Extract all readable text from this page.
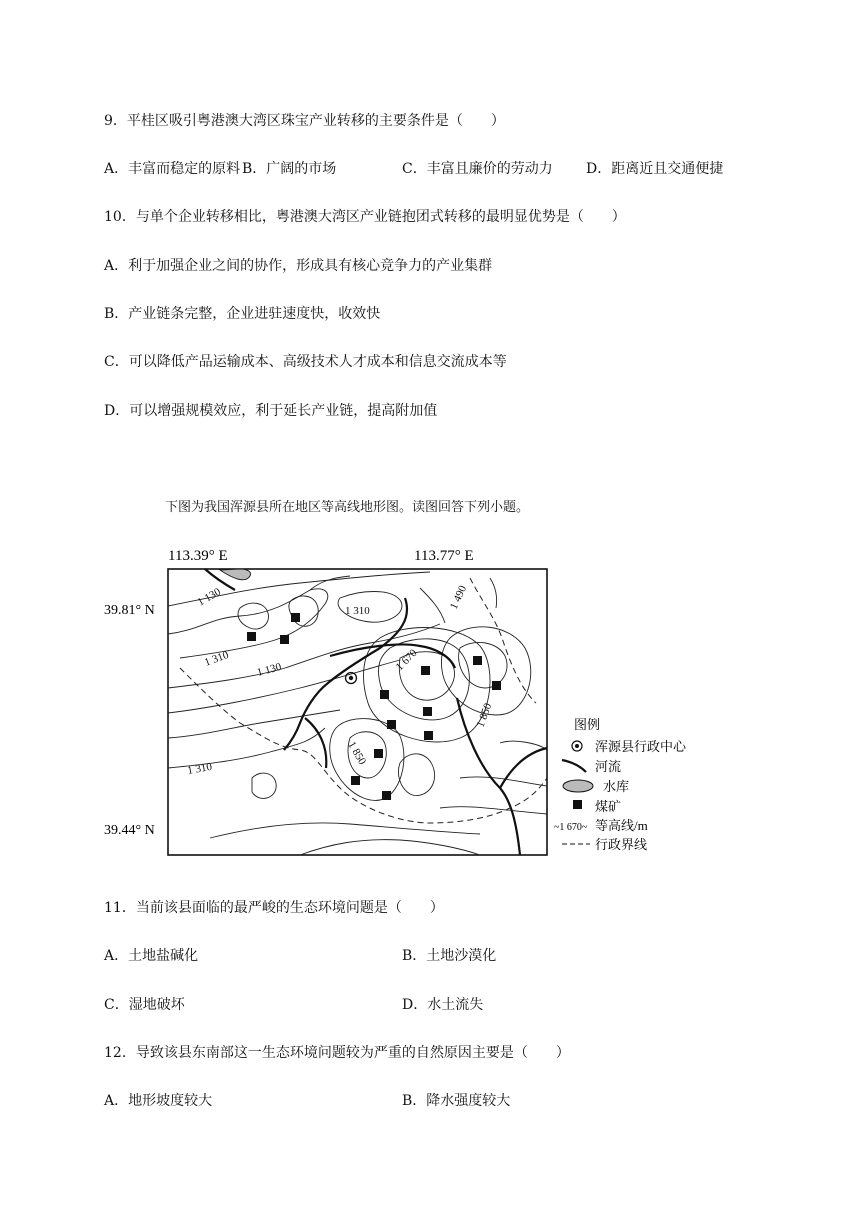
9．平桂区吸引粤港澳大湾区珠宝产业转移的主要条件是（　　）
A．丰富而稳定的原料 B．广阔的市场	C．丰富且廉价的劳动力 D．距离近且交通便捷
10．与单个企业转移相比，粤港澳大湾区产业链抱团式转移的最明显优势是（　　）
A．利于加强企业之间的协作，形成具有核心竞争力的产业集群
B．产业链条完整，企业进驻速度快，收效快
C．可以降低产品运输成本、高级技术人才成本和信息交流成本等
D．可以增强规模效应，利于延长产业链，提高附加值
下图为我国浑源县所在地区等高线地形图。读图回答下列小题。
113.39° E	113.77° E
39.81° N
39.44° N
1 130
1 310
1 310
1 130
1 490
1 670
1 850
1 850
1 310
图例
浑源县行政中心
河流
水库
煤矿
~1 670~ 等高线/m
行政界线
11．当前该县面临的最严峻的生态环境问题是（　　）
A．土地盐碱化	B．土地沙漠化
C．湿地破坏	D．水土流失
12．导致该县东南部这一生态环境问题较为严重的自然原因主要是（　　）
A．地形坡度较大	B．降水强度较大
